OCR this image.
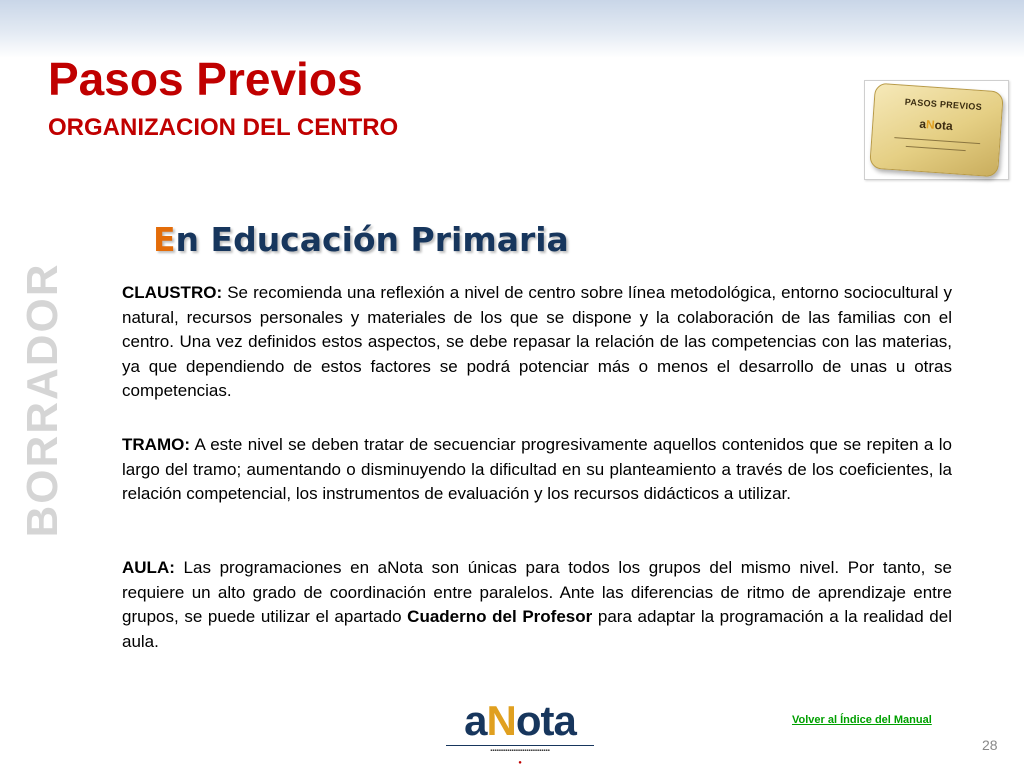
Pasos Previos
ORGANIZACION DEL CENTRO
PASOS PREVIOS
aNota
BORRADOR
En Educación Primaria

CLAUSTRO: Se recomienda una reflexión a nivel de centro sobre línea metodológica, entorno sociocultural y natural, recursos personales y materiales de los que se dispone y la colaboración de las familias con el centro. Una vez definidos estos aspectos, se debe repasar la relación de las competencias con las materias, ya que dependiendo de estos factores se podrá potenciar más o menos el desarrollo de unas u otras competencias.

TRAMO: A este nivel se deben tratar de secuenciar progresivamente aquellos contenidos que se repiten a lo largo del tramo; aumentando o disminuyendo la dificultad en su planteamiento a través de los coeficientes, la relación competencial, los instrumentos de evaluación y los recursos didácticos a utilizar.

AULA: Las programaciones en aNota son únicas para todos los grupos del mismo nivel. Por tanto, se requiere un alto grado de coordinación entre paralelos. Ante las diferencias de ritmo de aprendizaje entre grupos, se puede utilizar el apartado Cuaderno del Profesor para adaptar la programación a la realidad del aula.

aNota
▪▪▪▪▪▪▪▪▪▪▪▪▪▪▪▪▪▪▪▪▪▪▪▪▪▪▪▪
●
Volver al Índice del Manual
28
